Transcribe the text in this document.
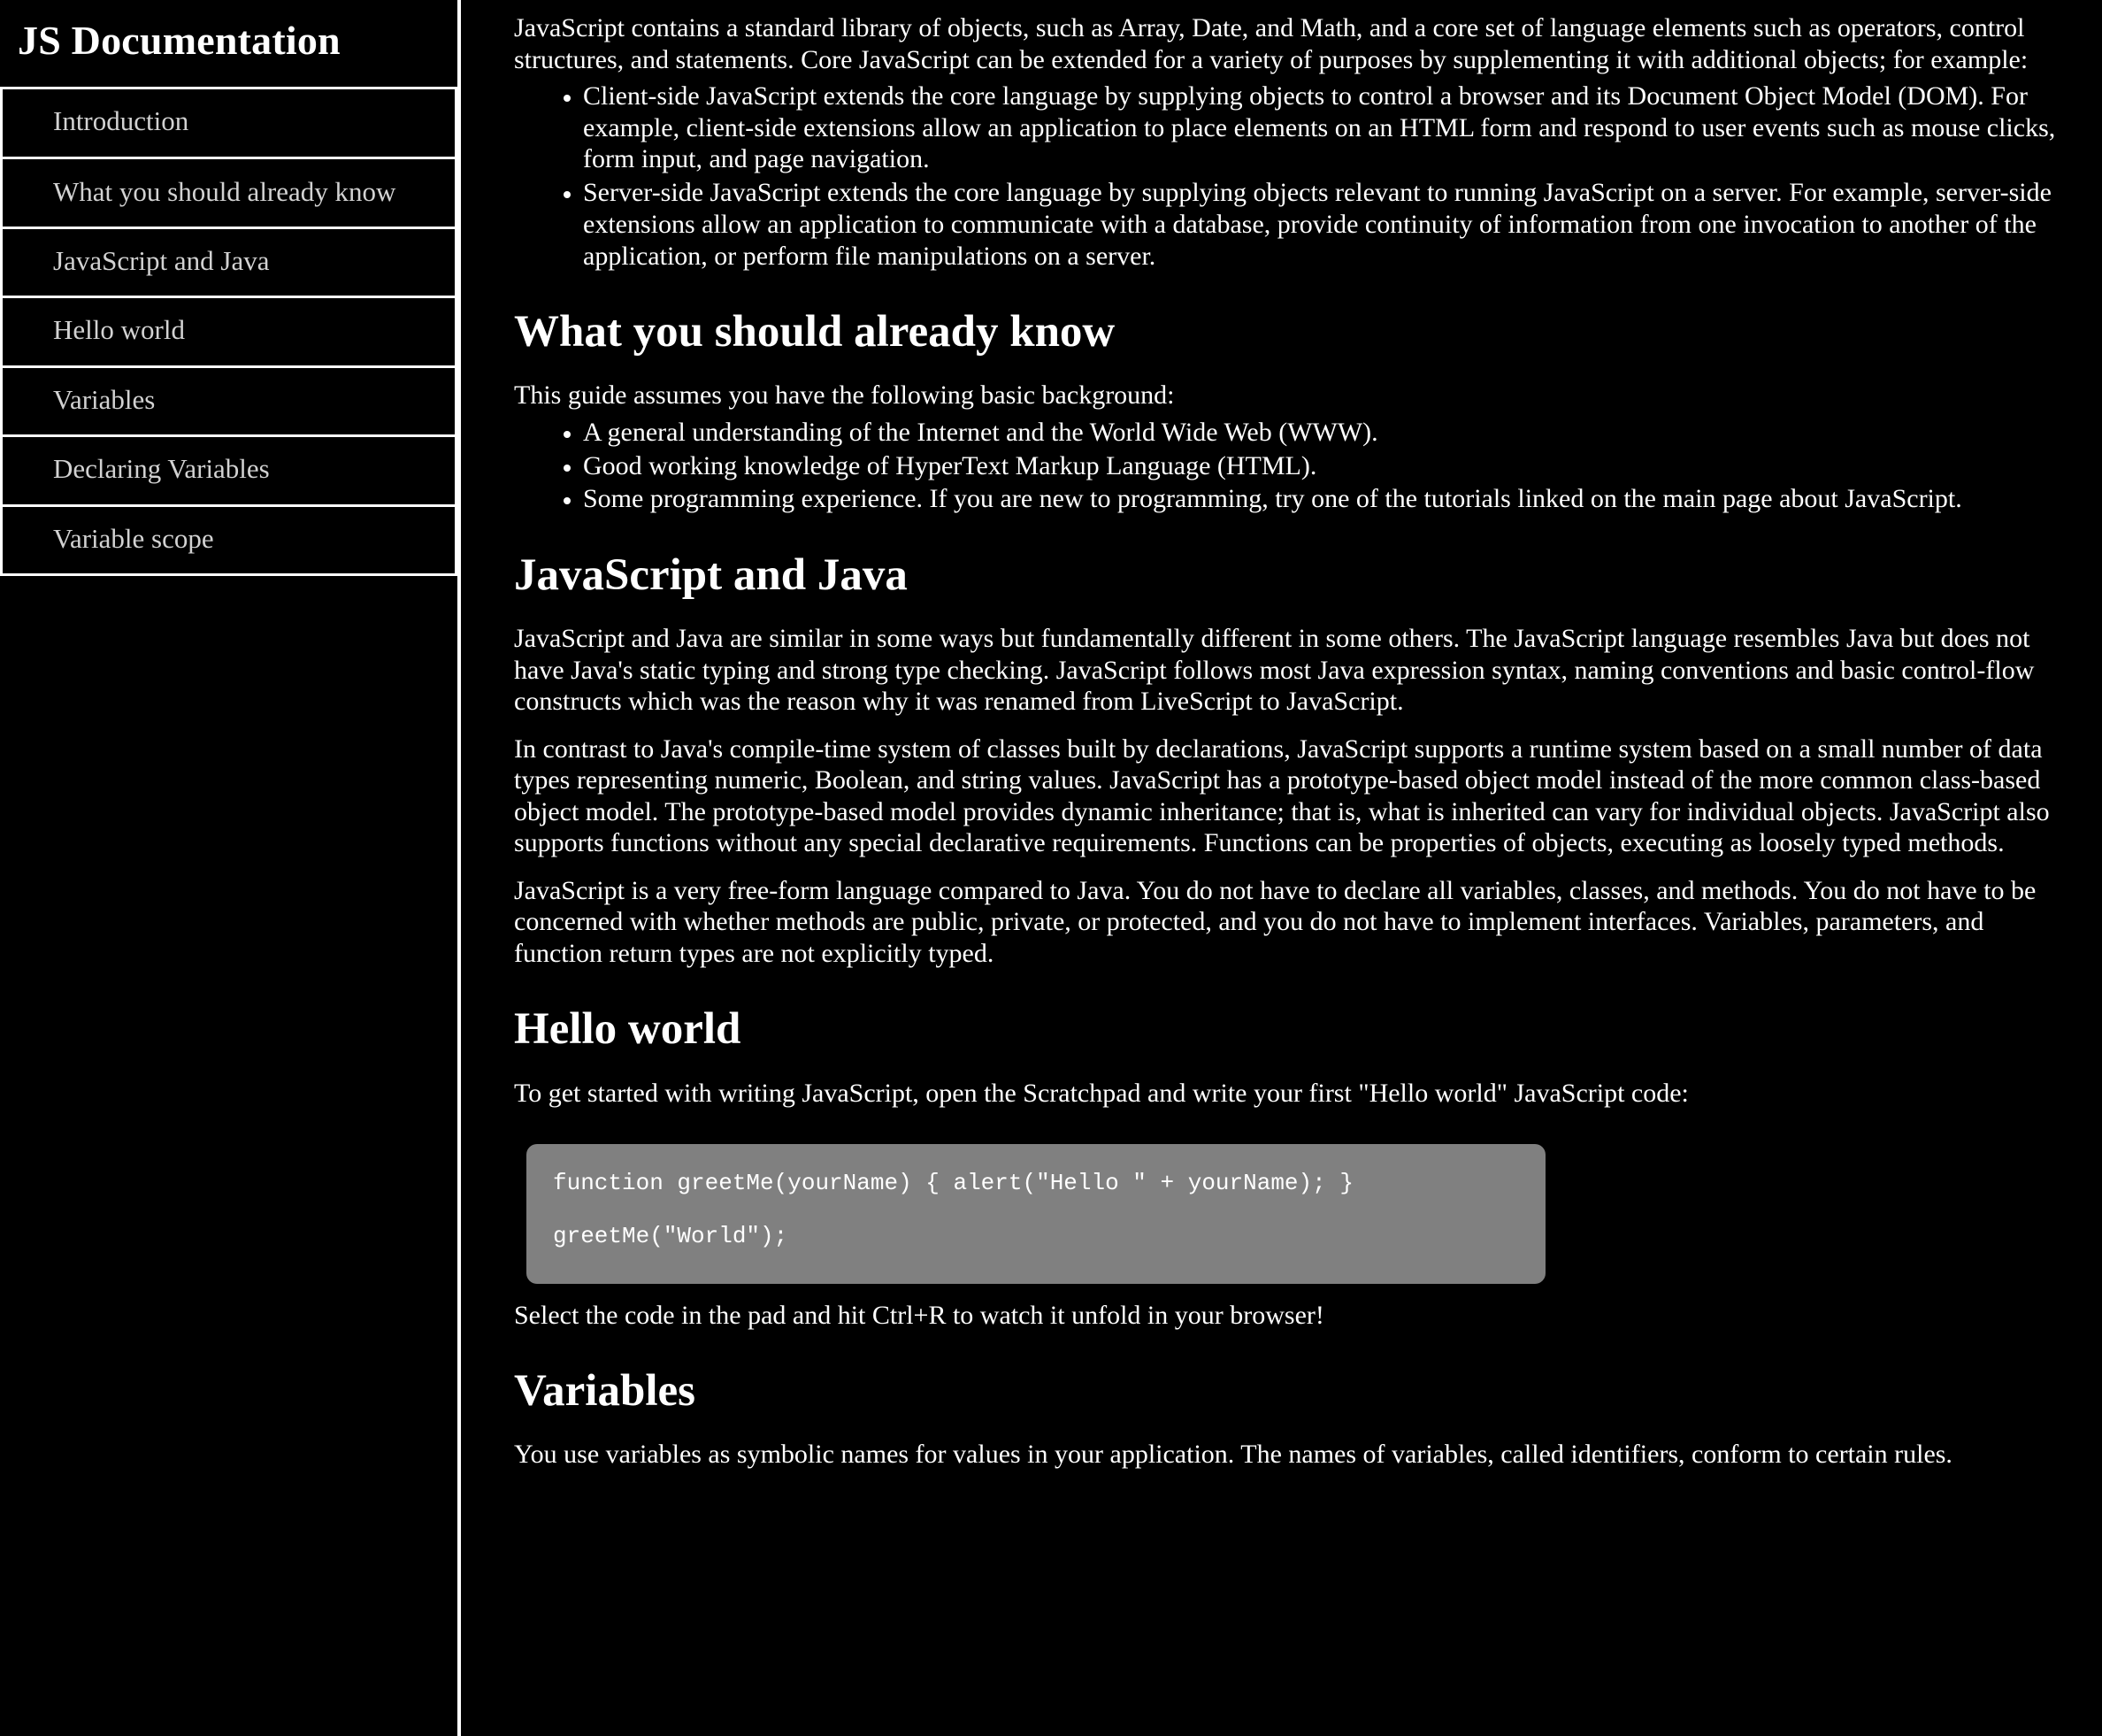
JS Documentation
Introduction
What you should already know
JavaScript and Java
Hello world
Variables
Declaring Variables
Variable scope

JavaScript contains a standard library of objects, such as Array, Date, and Math, and a core set of language elements such as operators, control structures, and statements. Core JavaScript can be extended for a variety of purposes by supplementing it with additional objects; for example:

• Client-side JavaScript extends the core language by supplying objects to control a browser and its Document Object Model (DOM). For example, client-side extensions allow an application to place elements on an HTML form and respond to user events such as mouse clicks, form input, and page navigation.
• Server-side JavaScript extends the core language by supplying objects relevant to running JavaScript on a server. For example, server-side extensions allow an application to communicate with a database, provide continuity of information from one invocation to another of the application, or perform file manipulations on a server.
What you should already know

This guide assumes you have the following basic background:

• A general understanding of the Internet and the World Wide Web (WWW).
• Good working knowledge of HyperText Markup Language (HTML).
• Some programming experience. If you are new to programming, try one of the tutorials linked on the main page about JavaScript.
JavaScript and Java

JavaScript and Java are similar in some ways but fundamentally different in some others. The JavaScript language resembles Java but does not have Java's static typing and strong type checking. JavaScript follows most Java expression syntax, naming conventions and basic control-flow constructs which was the reason why it was renamed from LiveScript to JavaScript.

In contrast to Java's compile-time system of classes built by declarations, JavaScript supports a runtime system based on a small number of data types representing numeric, Boolean, and string values. JavaScript has a prototype-based object model instead of the more common class-based object model. The prototype-based model provides dynamic inheritance; that is, what is inherited can vary for individual objects. JavaScript also supports functions without any special declarative requirements. Functions can be properties of objects, executing as loosely typed methods.

JavaScript is a very free-form language compared to Java. You do not have to declare all variables, classes, and methods. You do not have to be concerned with whether methods are public, private, or protected, and you do not have to implement interfaces. Variables, parameters, and function return types are not explicitly typed.

Hello world

To get started with writing JavaScript, open the Scratchpad and write your first "Hello world" JavaScript code:

function greetMe(yourName) { alert("Hello " + yourName); }
greetMe("World");

Select the code in the pad and hit Ctrl+R to watch it unfold in your browser!

Variables

You use variables as symbolic names for values in your application. The names of variables, called identifiers, conform to certain rules.
